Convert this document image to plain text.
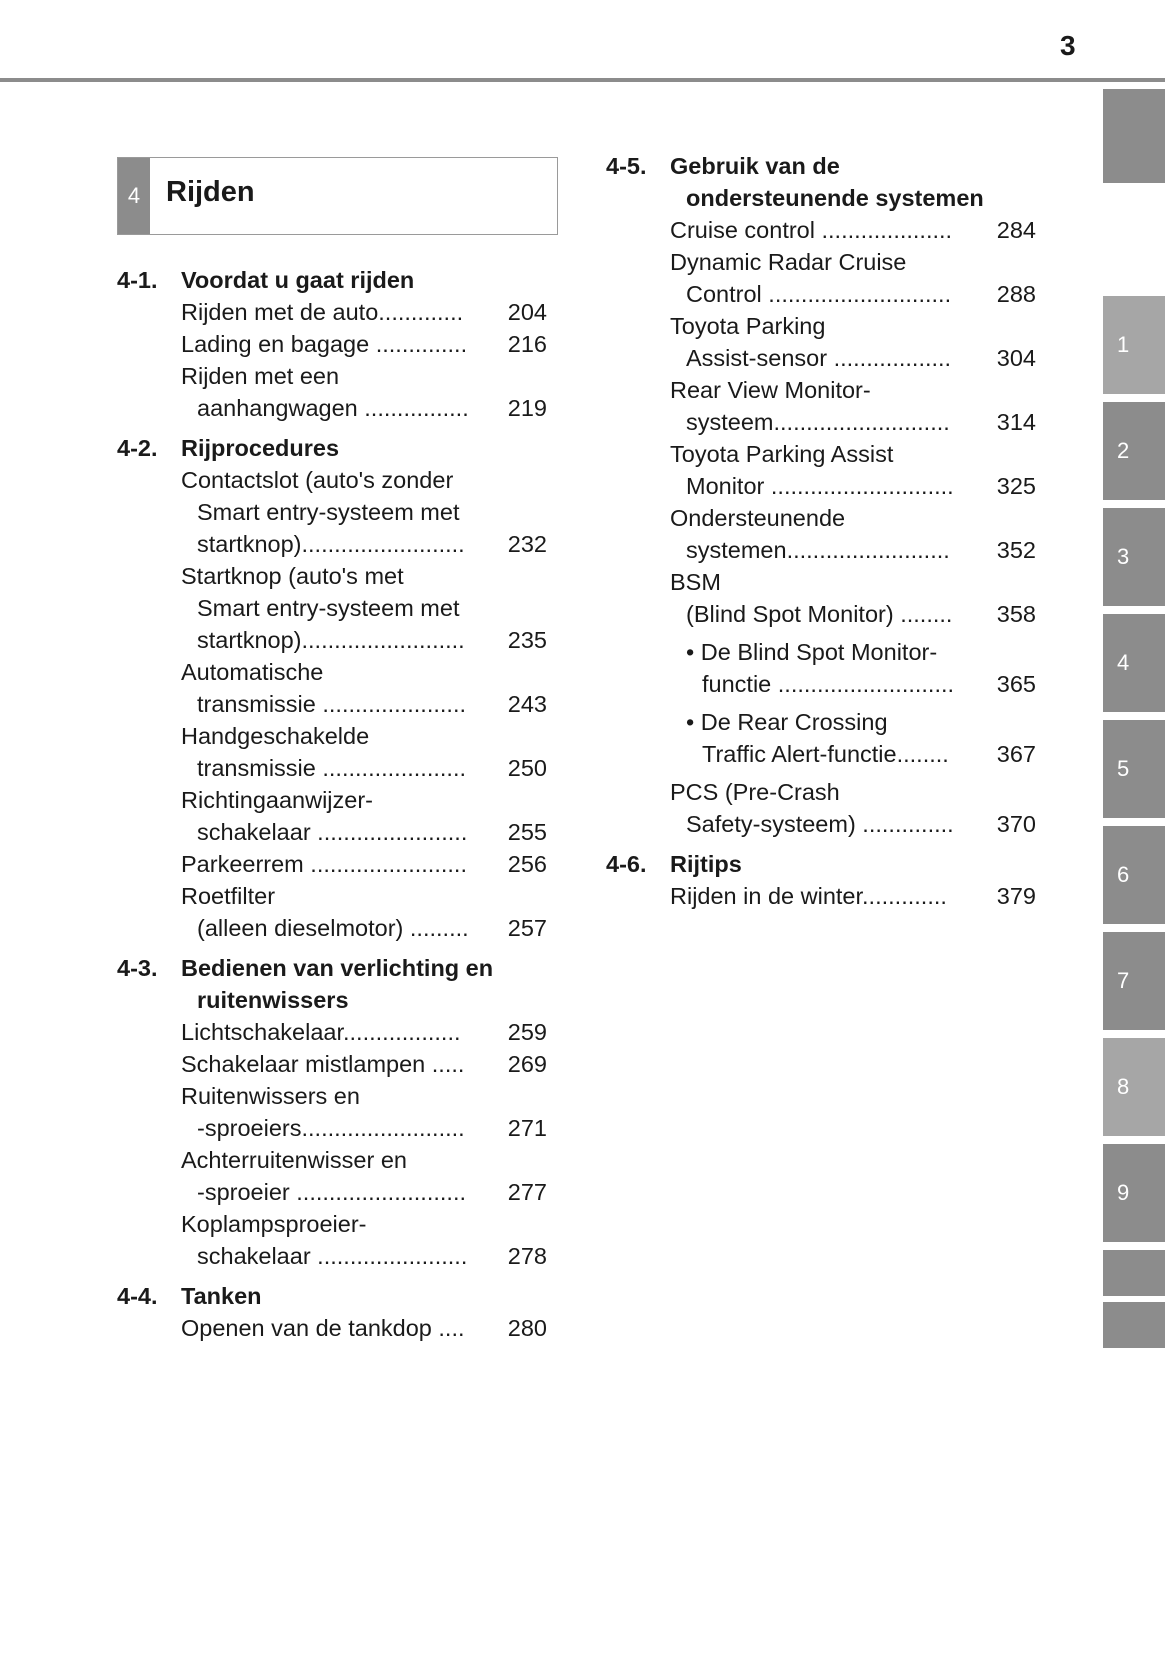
3
4 Rijden
4-1. Voordat u gaat rijden
Rijden met de auto............. 204
Lading en bagage .............. 216
Rijden met een

aanhangwagen ................	219
4-2. Rijprocedures
Contactslot (auto's zonder

Smart entry-systeem met
startknop).........................	232
Startknop (auto's met

Smart entry-systeem met
startknop).........................	235
Automatische

transmissie ......................	243
Handgeschakelde

transmissie ......................	250
Richtingaanwijzer-

schakelaar .......................	255
Parkeerrem ........................ 256
Roetfilter

(alleen dieselmotor) .........	257
4-3. Bedienen van verlichting en

ruitenwissers
Lichtschakelaar.................. 259
Schakelaar mistlampen ..... 269
Ruitenwissers en

-sproeiers.........................	271
Achterruitenwisser en

-sproeier ..........................	277
Koplampsproeier-

schakelaar .......................	278
4-4. Tanken
Openen van de tankdop .... 280
4-5. Gebruik van de

ondersteunende systemen
Cruise control .................... 284
Dynamic Radar Cruise

Control ............................	288
Toyota Parking

Assist-sensor ..................	304
Rear View Monitor-

systeem...........................	314
Toyota Parking Assist

Monitor ............................	325
Ondersteunende

systemen.........................	352
BSM

(Blind Spot Monitor) ........	358
• De Blind Spot Monitor-

functie ...........................	365
• De Rear Crossing

Traffic Alert-functie........	367
PCS (Pre-Crash

Safety-systeem) ..............	370
4-6. Rijtips
Rijden in de winter............. 379
1
2
3
4
5
6
7
8
9
